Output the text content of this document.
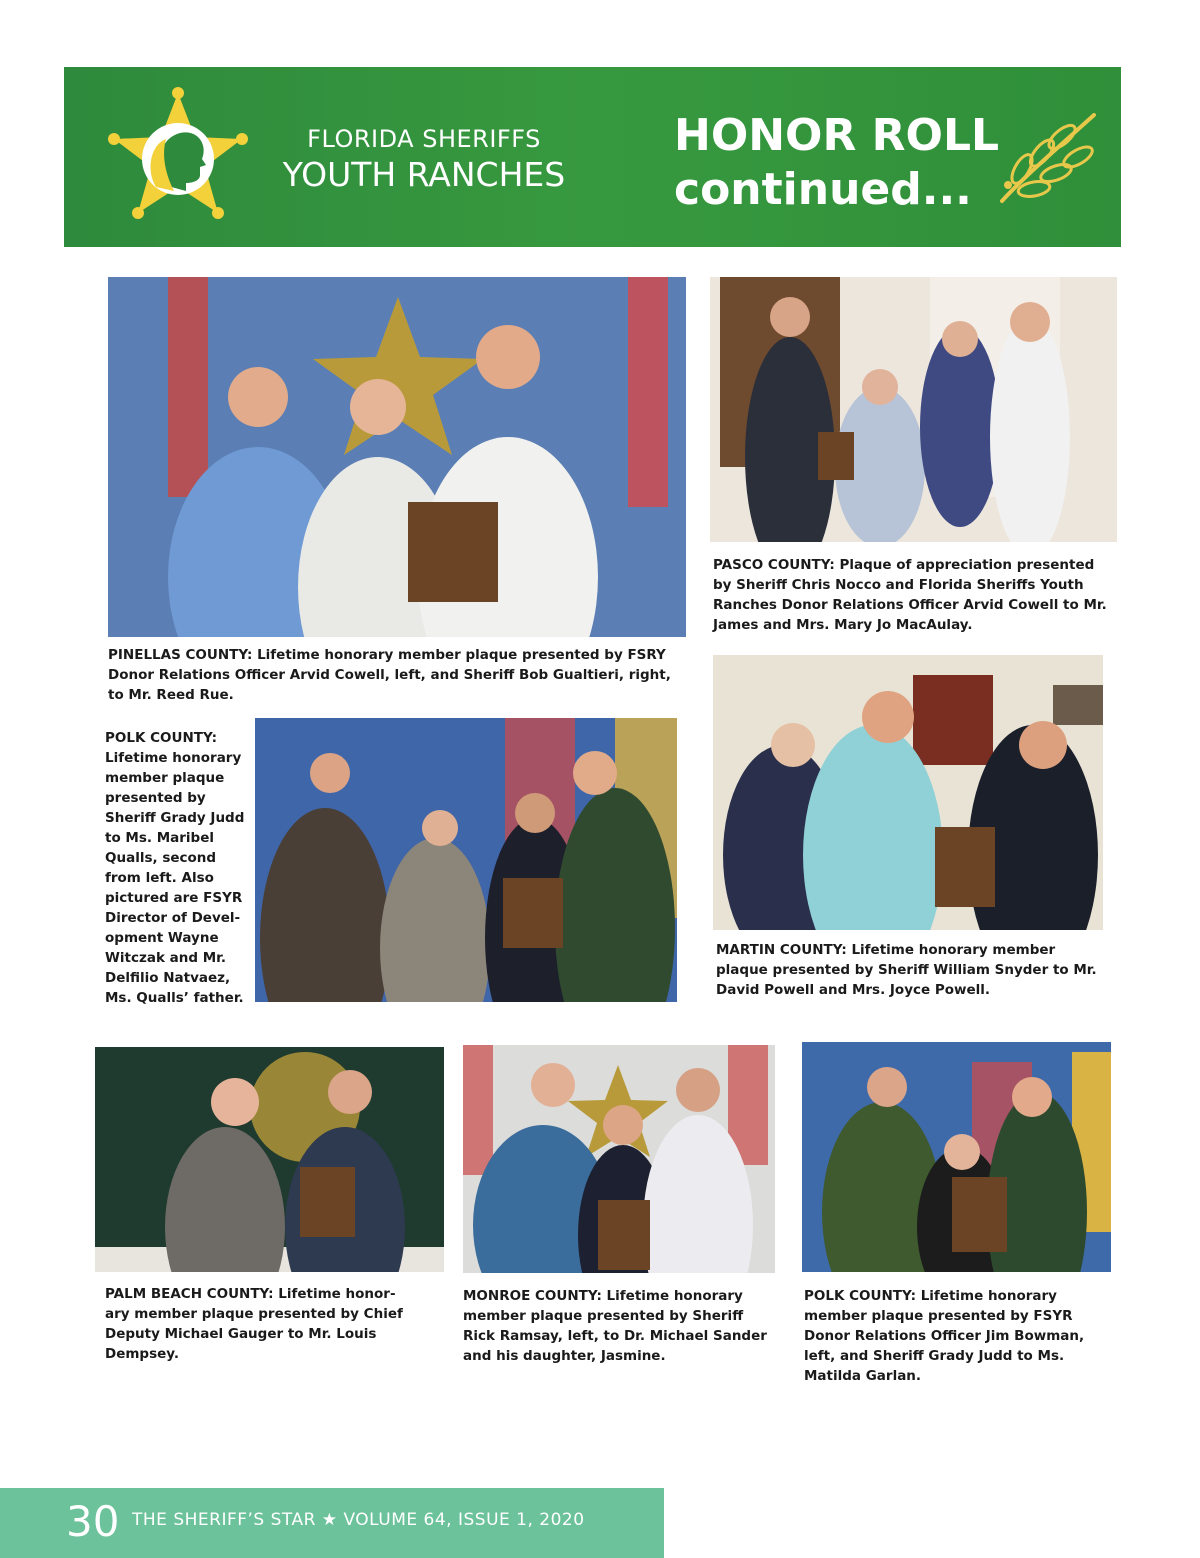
FLORIDA SHERIFFS
YOUTH RANCHES
HONOR ROLL
continued...

PINELLAS COUNTY: Lifetime honorary member plaque presented by FSRY Donor Relations Officer Arvid Cowell, left, and Sheriff Bob Gualtieri, right, to Mr. Reed Rue.

PASCO COUNTY: Plaque of appreciation presented by Sheriff Chris Nocco and Florida Sheriffs Youth Ranches Donor Relations Officer Arvid Cowell to Mr. James and Mrs. Mary Jo MacAulay.

POLK COUNTY: Lifetime honorary member plaque presented by Sheriff Grady Judd to Ms. Maribel Qualls, second from left. Also pictured are FSYR Director of Devel-opment Wayne Witczak and Mr. Delfilio Natvaez, Ms. Qualls’ father.

MARTIN COUNTY: Lifetime honorary member plaque presented by Sheriff William Snyder to Mr. David Powell and Mrs. Joyce Powell.

PALM BEACH COUNTY: Lifetime honor-ary member plaque presented by Chief Deputy Michael Gauger to Mr. Louis Dempsey.

MONROE COUNTY: Lifetime honorary member plaque presented by Sheriff Rick Ramsay, left, to Dr. Michael Sander and his daughter, Jasmine.

POLK COUNTY: Lifetime honorary member plaque presented by FSYR Donor Relations Officer Jim Bowman, left, and Sheriff Grady Judd to Ms. Matilda Garlan.

30 THE SHERIFF’S STAR ★ VOLUME 64, ISSUE 1, 2020
